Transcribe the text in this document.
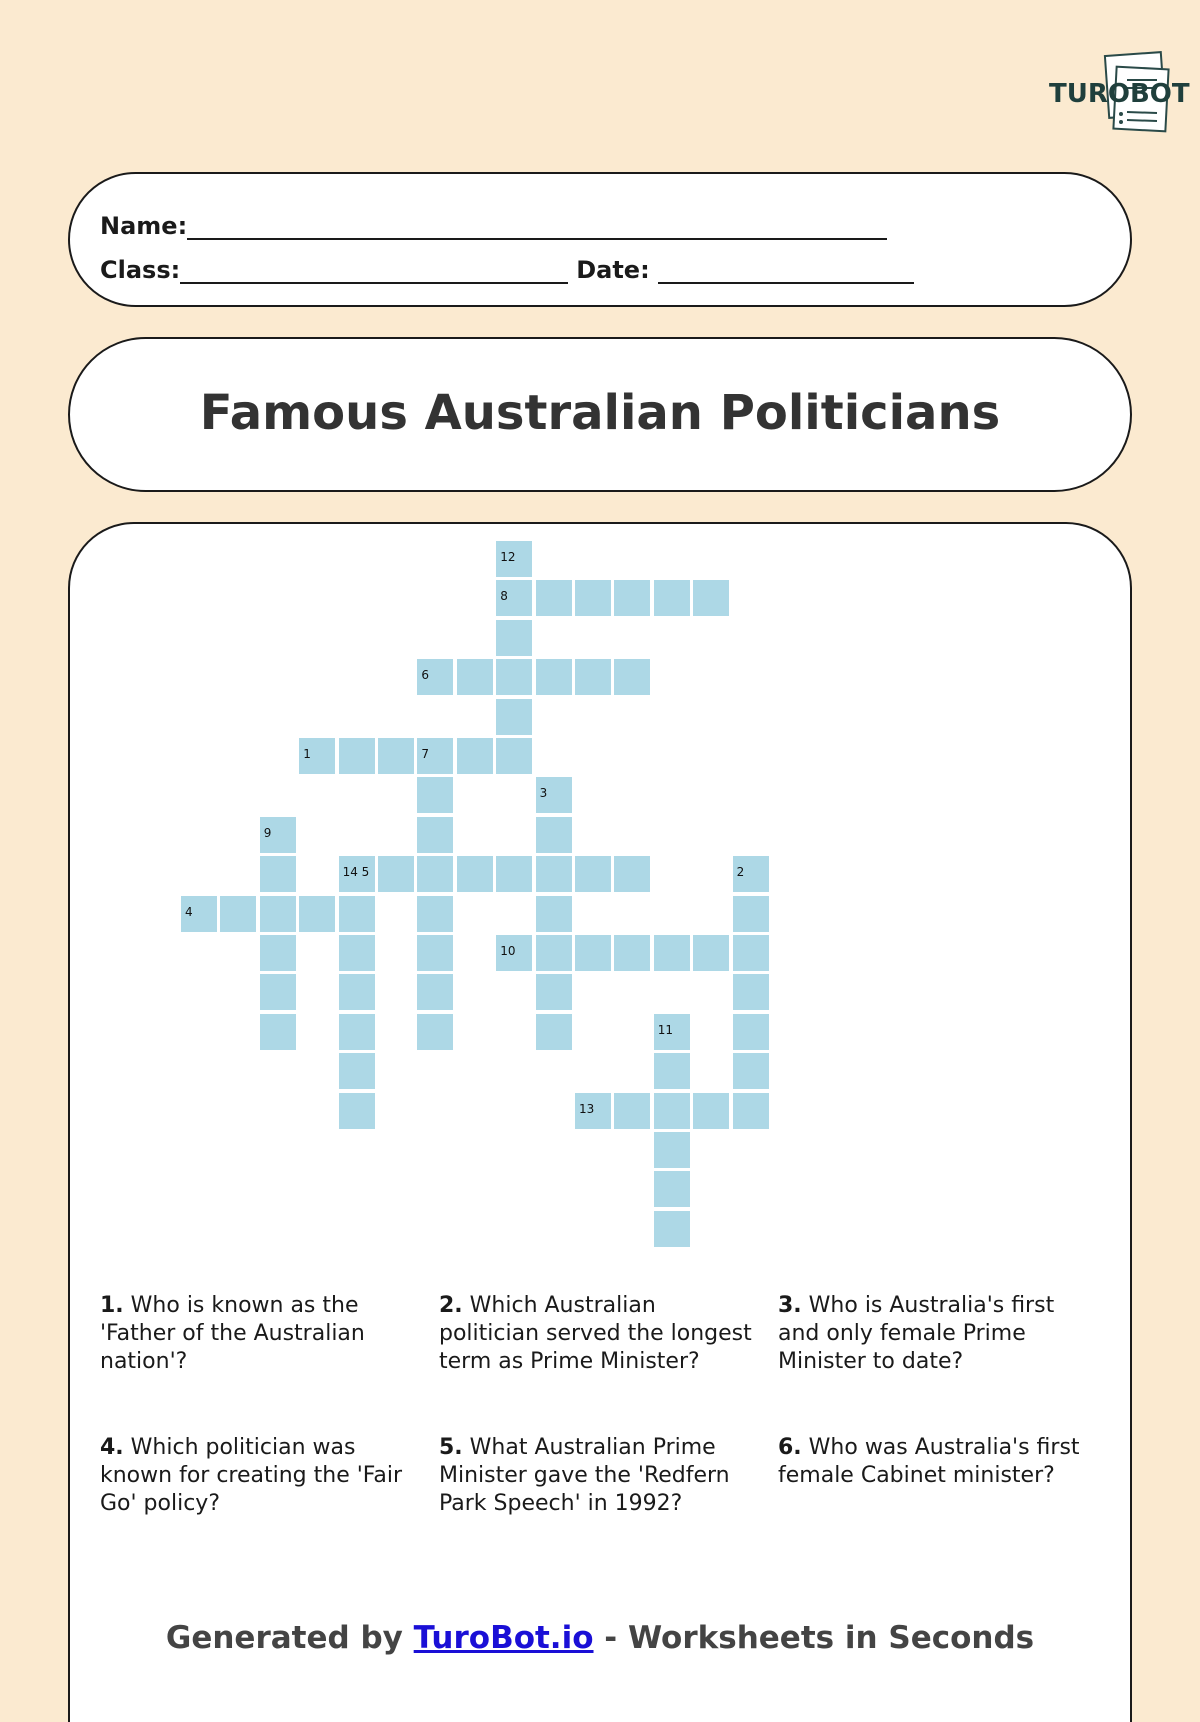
TUROBOT
Name:
Class:	Date:
Famous Australian Politicians
12
8
6
1	7
3
9
14 5	2
4
10
11
13
1. Who is known as the 'Father of the Australian nation'?
2. Which Australian politician served the longest term as Prime Minister?
3. Who is Australia's first and only female Prime Minister to date?
4. Which politician was known for creating the 'Fair Go' policy?
5. What Australian Prime Minister gave the 'Redfern Park Speech' in 1992?
6. Who was Australia's first female Cabinet minister?
Generated by TuroBot.io - Worksheets in Seconds
